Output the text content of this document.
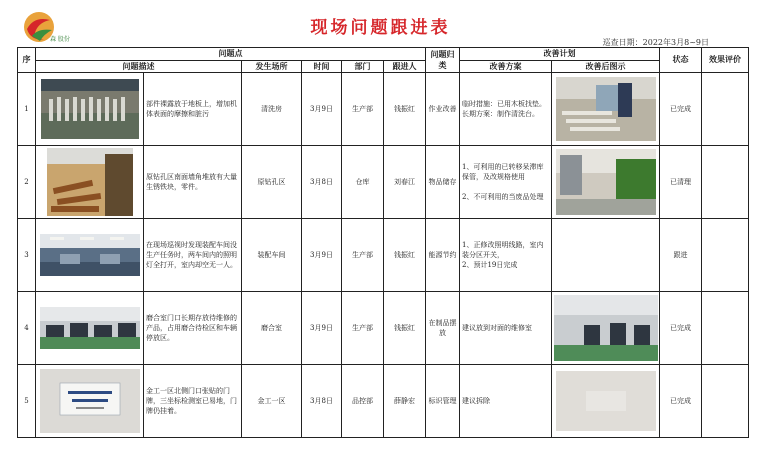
森 股份
现场问题跟进表
巡查日期：2022年3月8~9日
序	问题点						问题归类	改善计划		状态	效果评价
	问题描述		发生场所	时间	部门	跟进人		改善方案	改善后图示		
1		部件裸露放于地板上，增加机体表面的摩擦和脏污	清洗房	3月9日	生产部	钱振红	作业改善	临时措施：已用木板找垫。
长期方案：制作清洗台。		已完成	
2		原钻孔区南面墙角堆放有大量生锈铁块，零件。	原钻孔区	3月8日	仓库	刘春江	物品储存	1、可利用的已转移呆滞库保管，及改规格使用

2、不可利用的当废品处理		已清理	
3		在现场巡视时发现装配车间没生产任务时，两车间内的照明灯全打开，室内却空无一人。	装配车间	3月9日	生产部	钱振红	能源节约	1、正修改照明线路，室内装分区开关，
2、预计19日完成		跟进	
4		磨合室门口长期存放待维修的产品，占用磨合待检区和车辆停放区。	磨合室	3月9日	生产部	钱振红	在制品摆放	建议放到对面的维修室		已完成	
5		金工一区北侧门口张贴的门牌，三坐标检测室已易地，门牌仍挂着。	金工一区	3月8日	品控部	薛静宏	标识管理	建议拆除		已完成	
